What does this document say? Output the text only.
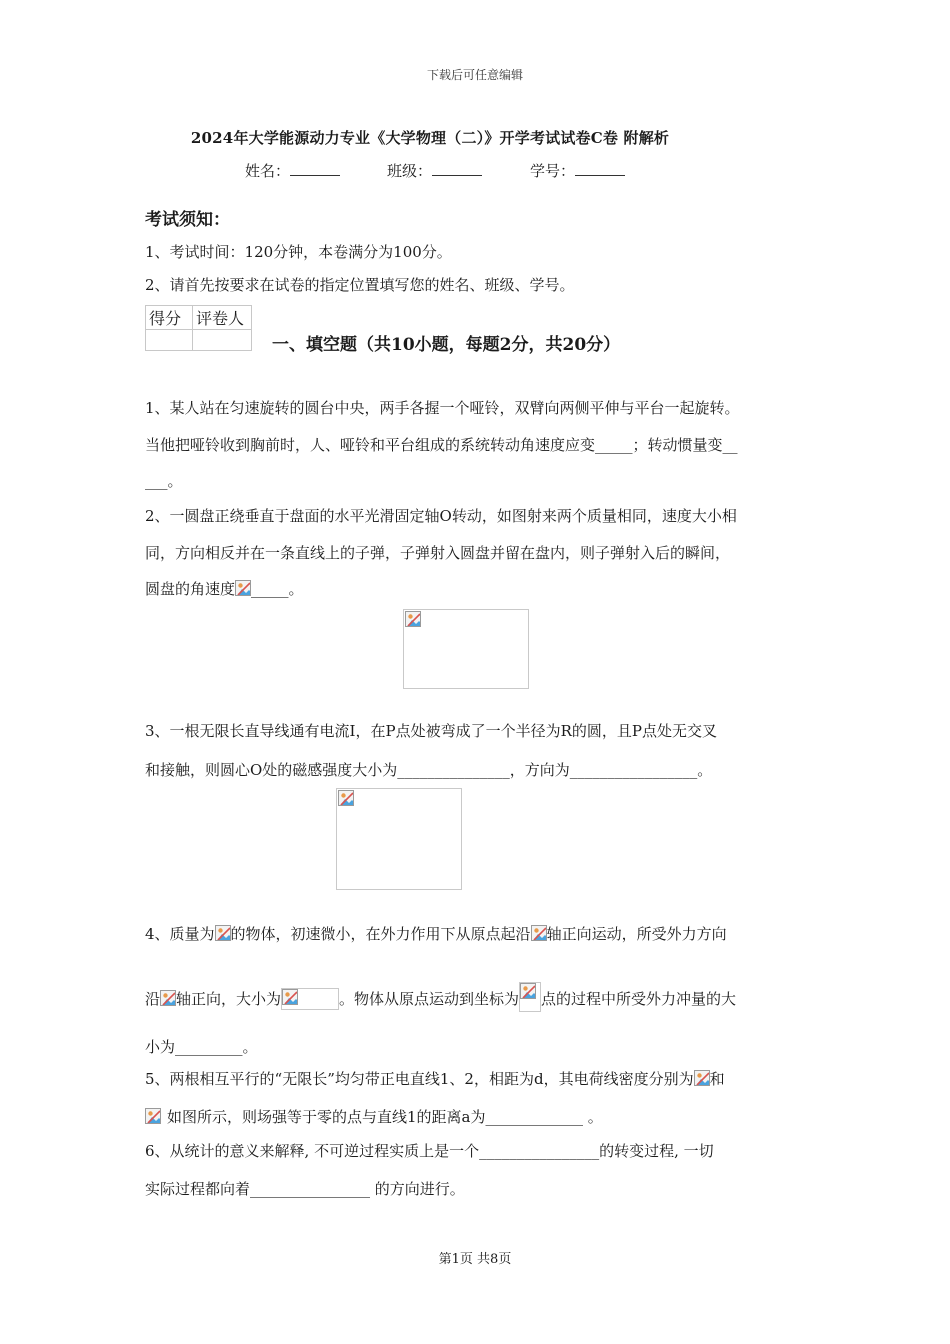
下载后可任意编辑
2024年大学能源动力专业《大学物理（二）》开学考试试卷C卷 附解析
姓名：	班级：	学号：
考试须知：
1、考试时间：120分钟，本卷满分为100分。
2、请首先按要求在试卷的指定位置填写您的姓名、班级、学号。
得分	评卷人

一、填空题（共10小题，每题2分，共20分）
1、某人站在匀速旋转的圆台中央，两手各握一个哑铃，双臂向两侧平伸与平台一起旋转。
当他把哑铃收到胸前时，人、哑铃和平台组成的系统转动角速度应变_____；转动惯量变__
___。
2、一圆盘正绕垂直于盘面的水平光滑固定轴O转动，如图射来两个质量相同，速度大小相
同，方向相反并在一条直线上的子弹，子弹射入圆盘并留在盘内，则子弹射入后的瞬间，
圆盘的角速度 _____。
3、一根无限长直导线通有电流I，在P点处被弯成了一个半径为R的圆，且P点处无交叉
和接触，则圆心O处的磁感强度大小为_______________，方向为_________________。
4、质量为 的物体，初速微小，在外力作用下从原点起沿 轴正向运动，所受外力方向
沿 轴正向，大小为	。物体从原点运动到坐标为 点的过程中所受外力冲量的大
小为_________。
5、两根相互平行的“无限长”均匀带正电直线1、2，相距为d，其电荷线密度分别为 和
如图所示，则场强等于零的点与直线1的距离a为_____________ 。
6、从统计的意义来解释, 不可逆过程实质上是一个________________的转变过程, 一切
实际过程都向着________________ 的方向进行。
第1页 共8页
